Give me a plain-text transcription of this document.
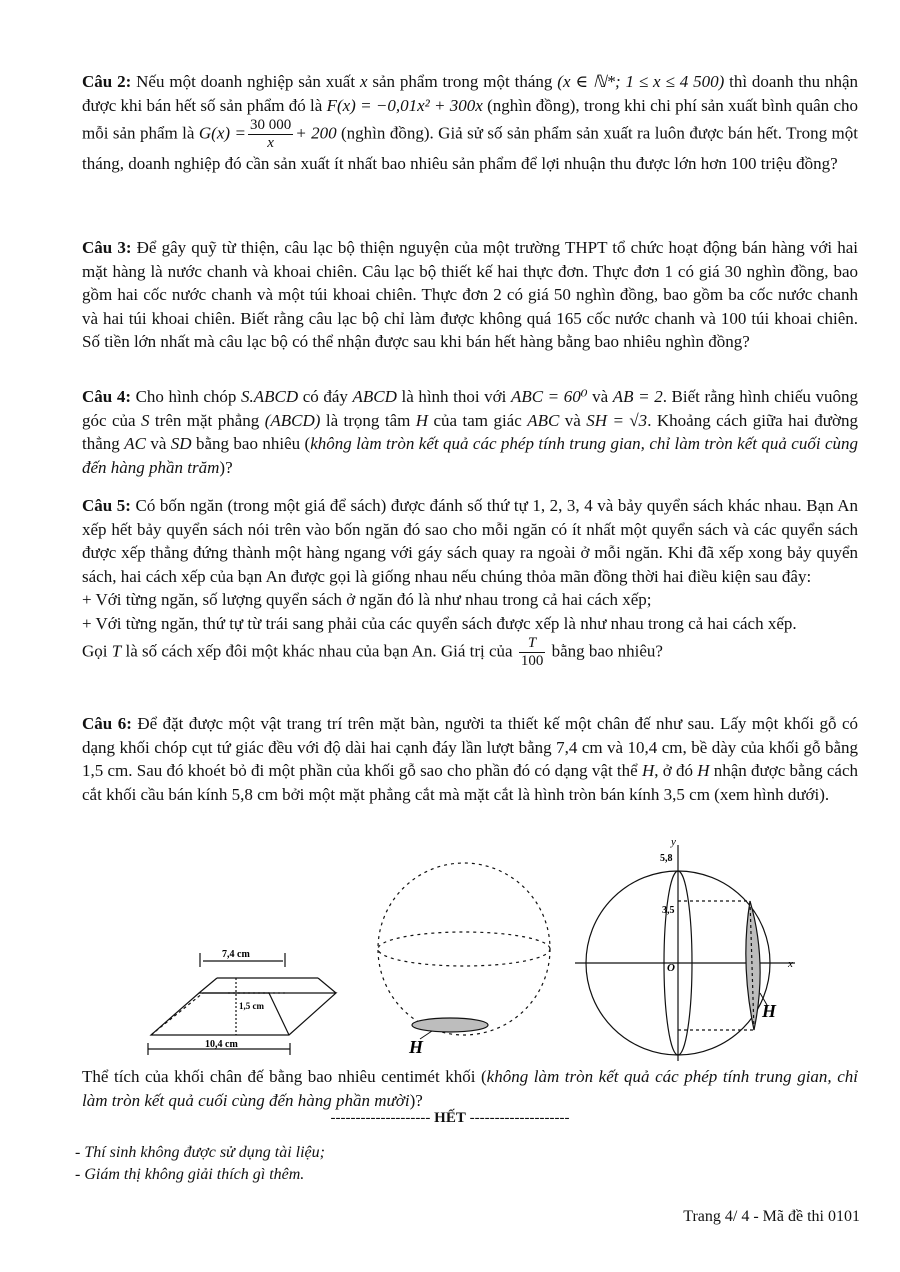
Câu 2: Nếu một doanh nghiệp sản xuất x sản phẩm trong một tháng (x ∈ ℕ*; 1 ≤ x ≤ 4 500) thì doanh thu nhận được khi bán hết số sản phẩm đó là F(x) = −0,01x² + 300x (nghìn đồng), trong khi chi phí sản xuất bình quân cho mỗi sản phẩm là $G(x) = \frac{30 000}{x} + 200$ (nghìn đồng). Giả sử số sản phẩm sản xuất ra luôn được bán hết. Trong một tháng, doanh nghiệp đó cần sản xuất ít nhất bao nhiêu sản phẩm để lợi nhuận thu được lớn hơn 100 triệu đồng?
Câu 3: Để gây quỹ từ thiện, câu lạc bộ thiện nguyện của một trường THPT tổ chức hoạt động bán hàng với hai mặt hàng là nước chanh và khoai chiên. Câu lạc bộ thiết kế hai thực đơn. Thực đơn 1 có giá 30 nghìn đồng, bao gồm hai cốc nước chanh và một túi khoai chiên. Thực đơn 2 có giá 50 nghìn đồng, bao gồm ba cốc nước chanh và hai túi khoai chiên. Biết rằng câu lạc bộ chỉ làm được không quá 165 cốc nước chanh và 100 túi khoai chiên. Số tiền lớn nhất mà câu lạc bộ có thể nhận được sau khi bán hết hàng bằng bao nhiêu nghìn đồng?
Câu 4: Cho hình chóp S.ABCD có đáy ABCD là hình thoi với ABC = 60⁰ và AB = 2. Biết rằng hình chiếu vuông góc của S trên mặt phẳng (ABCD) là trọng tâm H của tam giác ABC và SH = √3. Khoảng cách giữa hai đường thẳng AC và SD bằng bao nhiêu (không làm tròn kết quả các phép tính trung gian, chỉ làm tròn kết quả cuối cùng đến hàng phần trăm)?
Câu 5: Có bốn ngăn (trong một giá để sách) được đánh số thứ tự 1, 2, 3, 4 và bảy quyển sách khác nhau. Bạn An xếp hết bảy quyển sách nói trên vào bốn ngăn đó sao cho mỗi ngăn có ít nhất một quyển sách và các quyển sách được xếp thẳng đứng thành một hàng ngang với gáy sách quay ra ngoài ở mỗi ngăn. Khi đã xếp xong bảy quyển sách, hai cách xếp của bạn An được gọi là giống nhau nếu chúng thỏa mãn đồng thời hai điều kiện sau đây:
+ Với từng ngăn, số lượng quyển sách ở ngăn đó là như nhau trong cả hai cách xếp;
+ Với từng ngăn, thứ tự từ trái sang phải của các quyển sách được xếp là như nhau trong cả hai cách xếp.
Gọi T là số cách xếp đôi một khác nhau của bạn An. Giá trị của $\frac{T}{100}$ bằng bao nhiêu?
Câu 6: Để đặt được một vật trang trí trên mặt bàn, người ta thiết kế một chân đế như sau. Lấy một khối gỗ có dạng khối chóp cụt tứ giác đều với độ dài hai cạnh đáy lần lượt bằng 7,4 cm và 10,4 cm, bề dày của khối gỗ bằng 1,5 cm. Sau đó khoét bỏ đi một phần của khối gỗ sao cho phần đó có dạng vật thể H, ở đó H nhận được bằng cách cắt khối cầu bán kính 5,8 cm bởi một mặt phẳng cắt mà mặt cắt là hình tròn bán kính 3,5 cm (xem hình dưới).
7,4 cm
1,5 cm
10,4 cm	H
y
x
5,8
3,5
O
H
Thể tích của khối chân đế bằng bao nhiêu centimét khối (không làm tròn kết quả các phép tính trung gian, chỉ làm tròn kết quả cuối cùng đến hàng phần mười)?
-------------------- HẾT --------------------
- Thí sinh không được sử dụng tài liệu;
- Giám thị không giải thích gì thêm.
Trang 4/ 4 - Mã đề thi 0101
